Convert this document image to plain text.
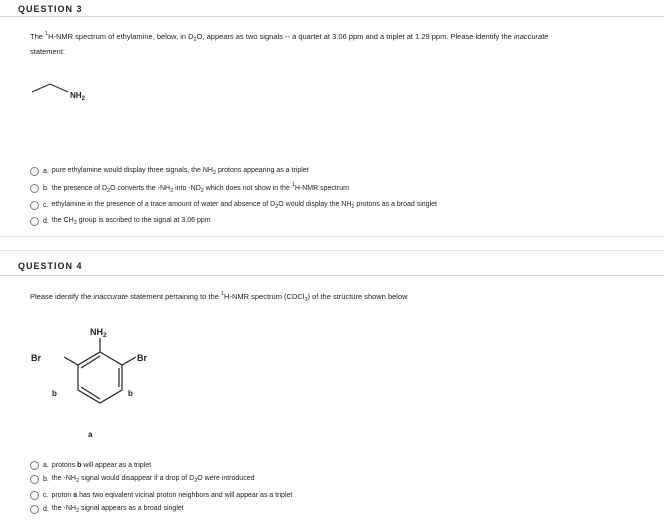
QUESTION 3
The $^1$H-NMR spectrum of ethylamine, below, in $D_2O$, appears as two signals -- a quartet at 3.06 ppm and a triplet at 1.29 ppm. Please identify the inaccurate
statement:
$NH_2$
a. pure ethylamine would display three signals, the $NH_2$ protons appearing as a triplet
b. the presence of $D_2O$ converts the $-NH_2$ into $-ND_2$ which does not show in the $^1$H-NMR spectrum
c. ethylamine in the presence of a trace amount of water and absence of $D_2O$ would display the $NH_2$ protons as a broad singlet
d. the $CH_3$ group is ascribed to the signal at 3.06 ppm
QUESTION 4
Please identify the inaccurate statement pertaining to the $^1$H-NMR spectrum (CDCl$_3$) of the structure shown below
$NH_2$
Br	Br
b	b
a
a. protons b will appear as a triplet
b. the $-NH_2$ signal would disappear if a drop of $D_2O$ were introduced
c. proton a has two eqivalent vicinal proton neighbors and will appear as a triplet
d. the $-NH_2$ signal appears as a broad singlet
